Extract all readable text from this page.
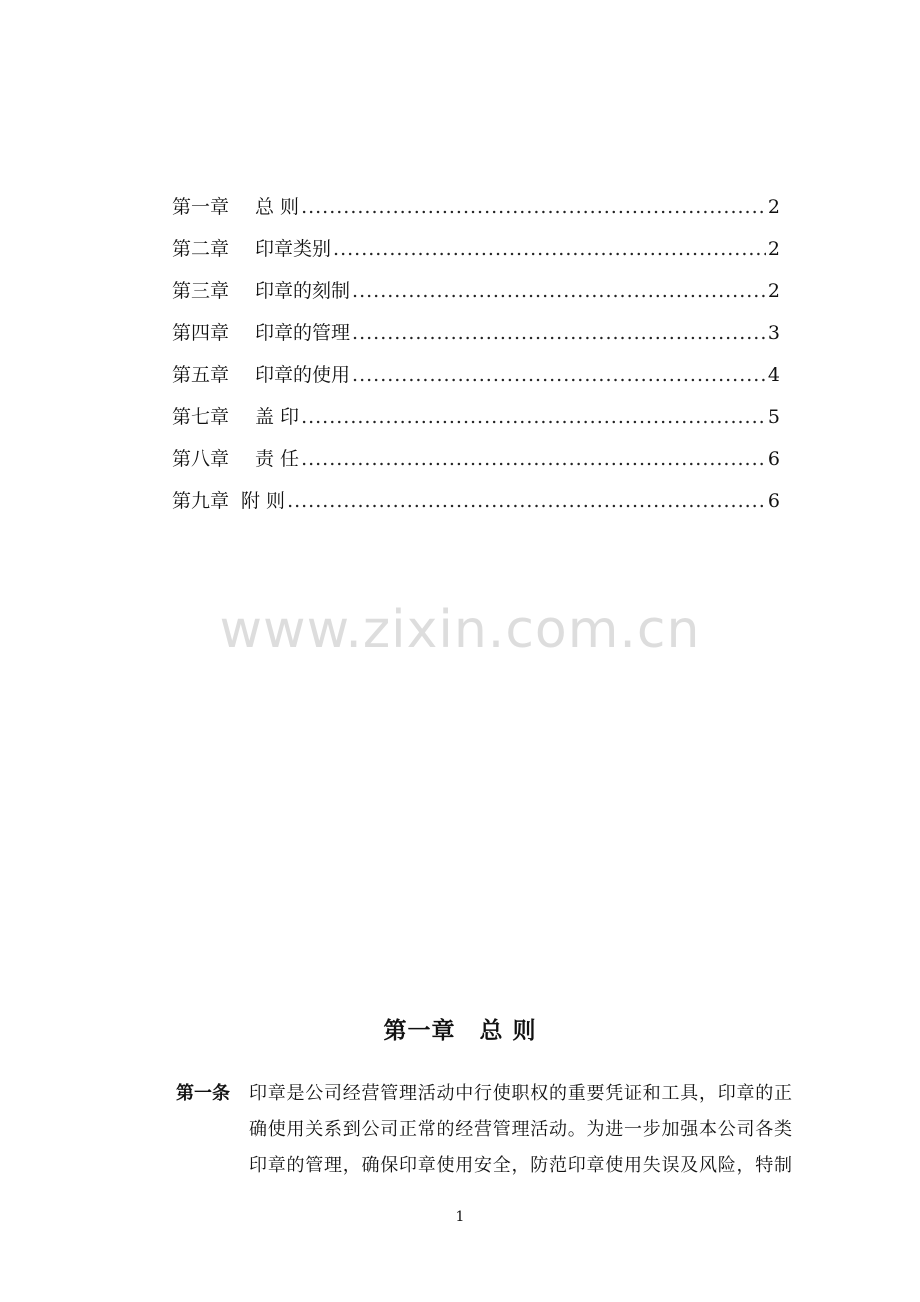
第一章 总 则 .....	2
第二章 印章类别 .....	2
第三章 印章的刻制 .....	2
第四章 印章的管理 .....	3
第五章 印章的使用 .....	4
第七章 盖 印 .....	5
第八章 责 任 .....	6
第九章 附 则 .....	6
www.zixin.com.cn
第一章　总 则
第一条 印章是公司经营管理活动中行使职权的重要凭证和工具，印章的正
确使用关系到公司正常的经营管理活动。为进一步加强本公司各类
印章的管理，确保印章使用安全，防范印章使用失误及风险，特制
1
